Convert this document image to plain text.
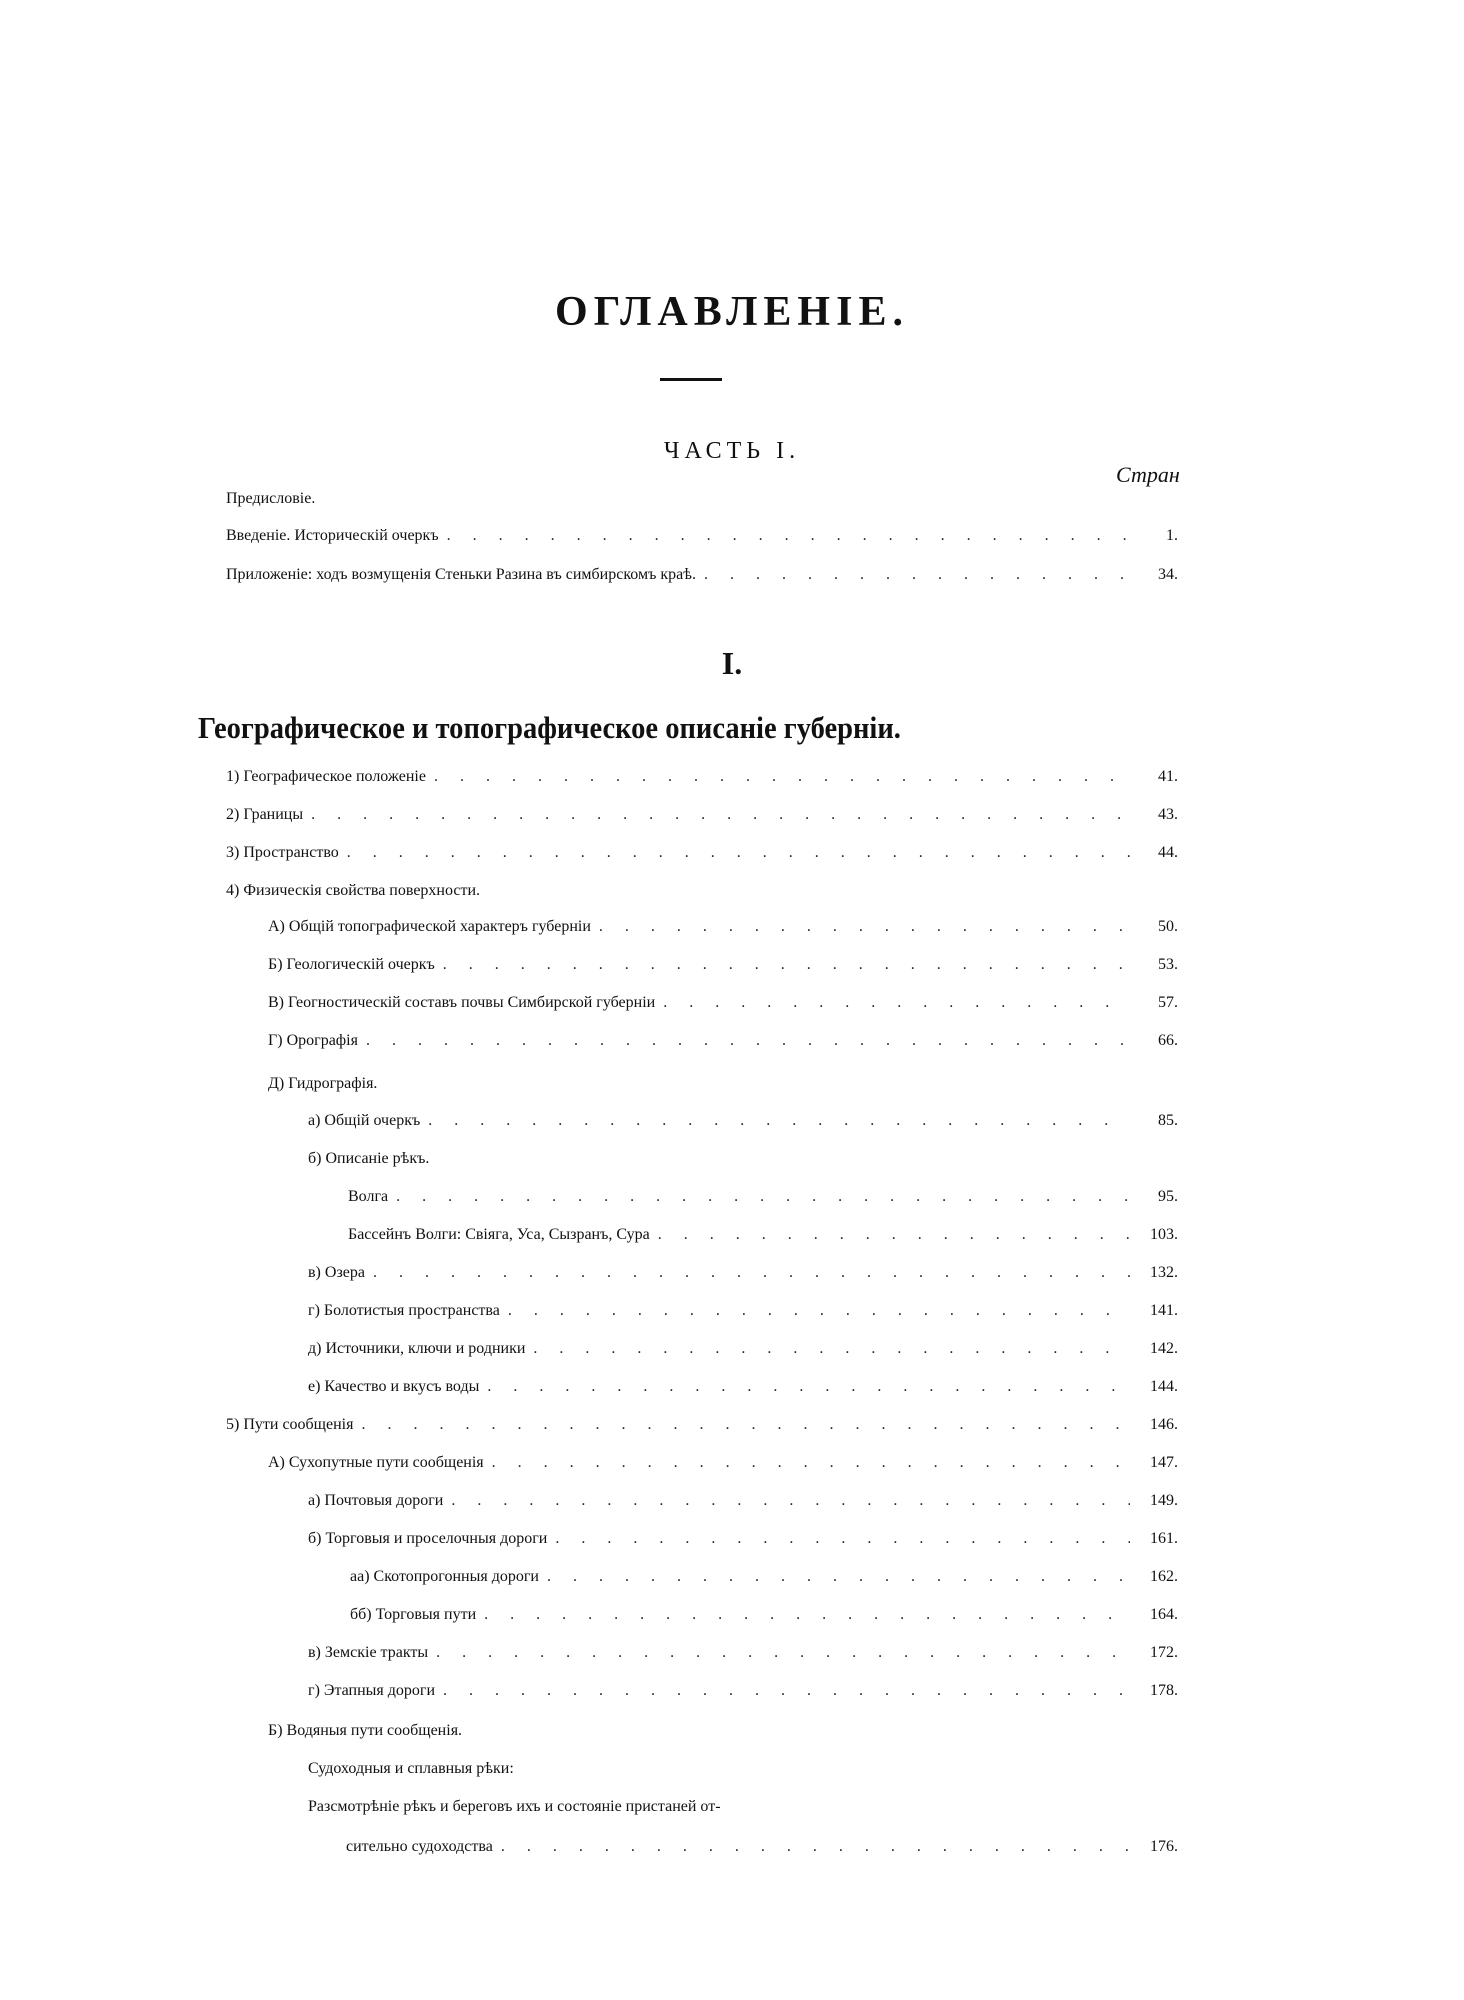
ОГЛАВЛЕНІЕ.
ЧАСТЬ I.
Стран
Предисловіе.
Введеніе. Историческій очеркъ . . .	1.
Приложеніе: ходъ возмущенія Стеньки Разина въ симбирскомъ краѣ. . . .	34.
I.
Географическое и топографическое описаніе губерніи.
1) Географическое положеніе . . .	41.
2) Границы . . .	43.
3) Пространство . . .	44.
4) Физическія свойства поверхности.
А) Общій топографической характеръ губерніи . . .	50.
Б) Геологическій очеркъ . . .	53.
В) Геогностическій составъ почвы Симбирской губерніи . . .	57.
Г) Орографія . . .	66.
Д) Гидрографія.
а) Общій очеркъ . . .	85.
б) Описаніе рѣкъ.
Волга . . .	95.
Бассейнъ Волги: Свіяга, Уса, Сызранъ, Сура . . .	103.
в) Озера . . .	132.
г) Болотистыя пространства . . .	141.
д) Источники, ключи и родники . . .	142.
е) Качество и вкусъ воды . . .	144.
5) Пути сообщенія . . .	146.
А) Сухопутные пути сообщенія . . .	147.
а) Почтовыя дороги . . .	149.
б) Торговыя и проселочныя дороги . . .	161.
аа) Скотопрогонныя дороги . . .	162.
бб) Торговыя пути . . .	164.
в) Земскіе тракты . . .	172.
г) Этапныя дороги . . .	178.
Б) Водяныя пути сообщенія.
Судоходныя и сплавныя рѣки:
Разсмотрѣніе рѣкъ и береговъ ихъ и состояніе пристаней от-
сительно судоходства . . .	176.
